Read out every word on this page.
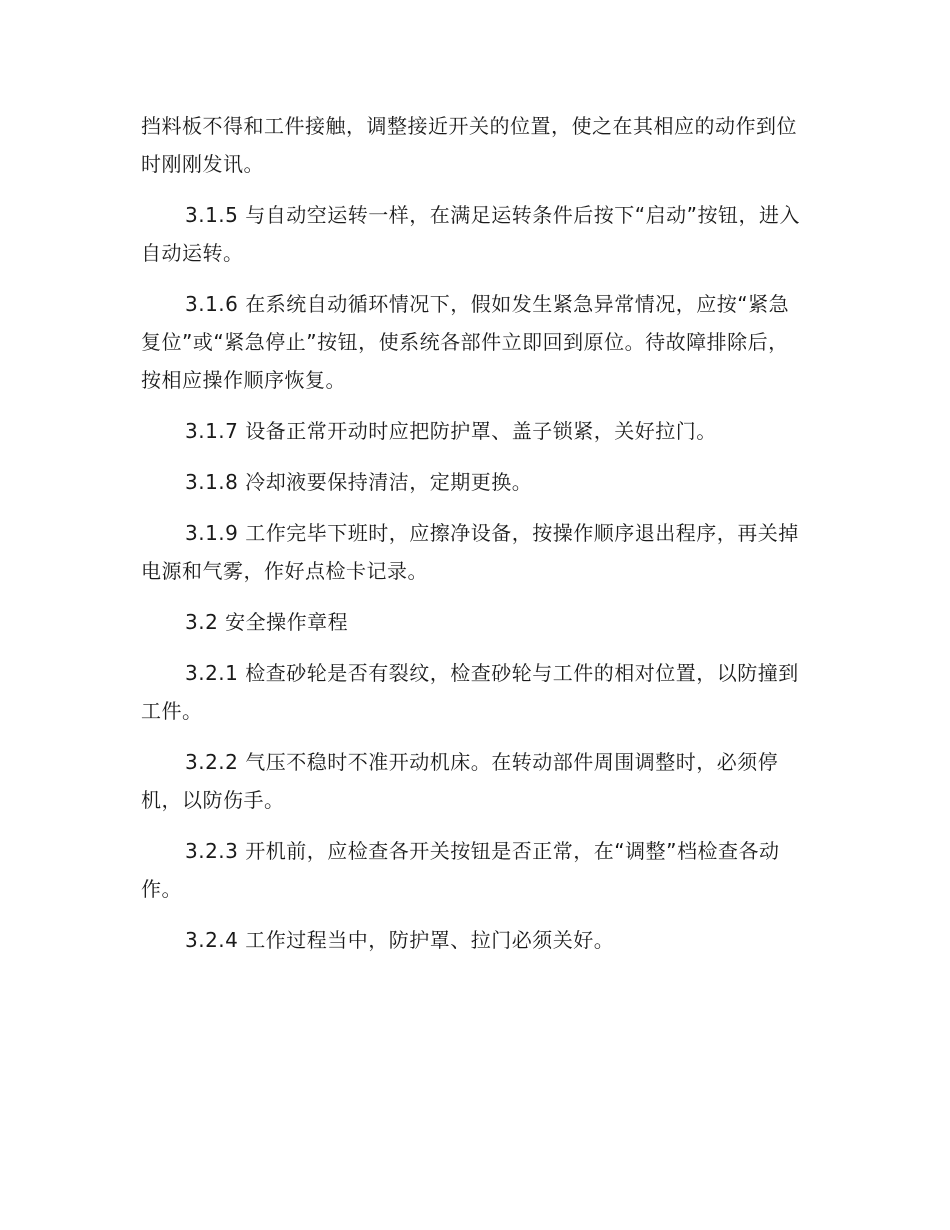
挡料板不得和工件接触，调整接近开关的位置，使之在其相应的动作到位时刚刚发讯。

3.1.5 与自动空运转一样，在满足运转条件后按下“启动”按钮，进入自动运转。

3.1.6 在系统自动循环情况下，假如发生紧急异常情况，应按“紧急复位”或“紧急停止”按钮，使系统各部件立即回到原位。待故障排除后，按相应操作顺序恢复。

3.1.7 设备正常开动时应把防护罩、盖子锁紧，关好拉门。

3.1.8 冷却液要保持清洁，定期更换。

3.1.9 工作完毕下班时，应擦净设备，按操作顺序退出程序，再关掉电源和气雾，作好点检卡记录。

3.2 安全操作章程

3.2.1 检查砂轮是否有裂纹，检查砂轮与工件的相对位置，以防撞到工件。

3.2.2 气压不稳时不准开动机床。在转动部件周围调整时，必须停机，以防伤手。

3.2.3 开机前，应检查各开关按钮是否正常，在“调整”档检查各动作。

3.2.4 工作过程当中，防护罩、拉门必须关好。
